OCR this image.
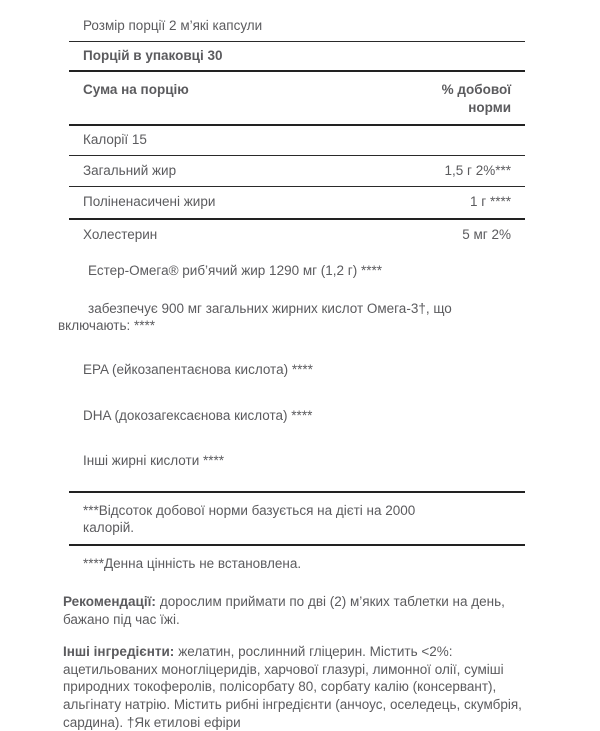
Розмір порції 2 м’які капсули
Порцій в упаковці 30
Сума на порцію	% добової норми
Калорії 15
Загальний жир	1,5 г 2%***
Поліненасичені жири	1 г ****
Холестерин	5 мг 2%
Естер-Омега® риб’ячий жир 1290 мг (1,2 г) ****
забезпечує 900 мг загальних жирних кислот Омега-3†, що включають: ****
EPA (ейкозапентаєнова кислота) ****
DHA (докозагексаєнова кислота) ****
Інші жирні кислоти ****
***Відсоток добової норми базується на дієті на 2000 калорій.
****Денна цінність не встановлена.

Рекомендації: дорослим приймати по дві (2) м’яких таблетки на день, бажано під час їжі.

Інші інгредієнти: желатин, рослинний гліцерин. Містить <2%: ацетильованих моногліцеридів, харчової глазурі, лимонної олії, суміші природних токоферолів, полісорбату 80, сорбату калію (консервант), альгінату натрію. Містить рибні інгредієнти (анчоус, оселедець, скумбрія, сардина). †Як етилові ефіри
